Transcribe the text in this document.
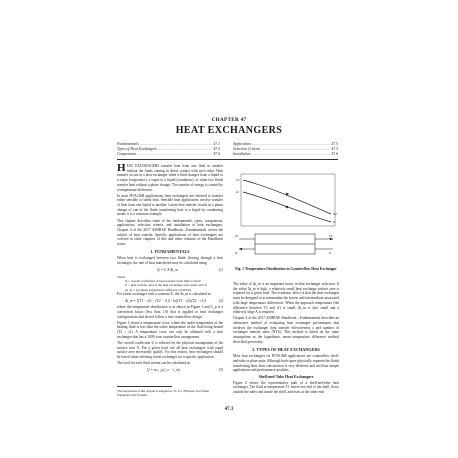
CHAPTER 47
HEAT EXCHANGERS
Fundamentals .....	47.1
Types of Heat Exchangers .....	47.3
Components .....	47.6
Application .....	47.5
Selection Criteria .....	47.5
Installation .....	47.6

HEAT EXCHANGERS transfer heat from one fluid to another without the fluids coming in direct contact with each other. Heat transfer occurs in a heat exchanger when a fluid changes from a liquid to a vapor (evaporator), a vapor to a liquid (condenser), or when two fluids transfer heat without a phase change. The transfer of energy is caused by a temperature difference.

In most HVAC&R applications, heat exchangers are selected to transfer either sensible or latent heat. Sensible heat applications involve transfer of heat from one liquid to another. Latent heat transfer results in a phase change of one of the fluids transferring heat to a liquid by condensing steam, it is a common example.

This chapter describes some of the fundamentals, types, components, applications, selection criteria, and installation of heat exchangers. Chapter 4 of the 2017 ASHRAE Handbook—Fundamentals covers the subject of heat transfer. Specific applications of heat exchangers are covered in other chapters of this and other volumes of the Handbook series.

1. FUNDAMENTALS

When heat is exchanged between two fluids flowing through a heat exchanger, the rate of heat transferred may be calculated using

Q = U A Δt_m	(1)
where
Q = overall coefficient of heat transfer from fluid to fluid
U = heat transfer area of the heat exchanger associated with U
Δt_m = log mean temperature difference (LMTD)

For a heat exchanger with a constant U, the Δt_m is calculated as

Δt_m = [(T1 − t2) − (T2 − t1)] / ln[(T1 − t2)/(T2 − t1)]	(2)

where the temperature distribution is as shown in Figure 1 and C_p is a convection factor (less than 1.0) that is applied to heat exchanger configurations that do not follow a true counterflow design.

Figure 1 shows a temperature cross, where the outlet temperature of the heating fluid is less than the outlet temperature of the fluid being heated (T2 < t2). A temperature cross can only be obtained with a heat exchanger that has a 100% true counterflow arrangement.

The overall coefficient U is affected by the physical arrangement of the surface area A. For a given load, not all heat exchangers with equal surface area necessarily qualify. For this reason, heat exchangers should be tested when selecting a heat exchanger for a specific application.

The load for each fluid stream can be calculated as

Q = m c_p (t_o − t_in)	(3)
The preparation of this chapter is assigned to TC 6.1, Hydronic and Steam Equipment and Systems.
T1
t2
T2
t1
T1	T2
t2	t1
Fig. 1 Temperature Distribution in Counterflow Heat Exchanger

The value of Δt_m is an important factor in heat exchanger selection. If the value Δt_m is high, a relatively small heat exchange surface area is required for a given load. The economic effect is that the heat exchanger must be designed to accommodate the lowest and intermediate associated with large temperature differences. When the approach temperature (the difference between T2 and t1) is small, Δt_m is also small and a relatively large A is required.

Chapter 4 of the 2017 ASHRAE Handbook—Fundamentals describes an alternative method of evaluating heat exchanger performance that involves the exchanger heat transfer effectiveness ε and number of exchanger transfer units (NTU). This method is based on the same assumptions as the logarithmic mean temperature difference method described previously.

2. TYPES OF HEAT EXCHANGERS

Most heat exchangers for HVAC&R applications are counterflow shell-and-tube or plate units. Although both types physically separate the fluids transferring heat, their construction is very different, and each has unique applications and performance qualities.

Shell-and-Tube Heat Exchangers

Figure 2 shows the representative path of a shell-and-tube heat exchanger. The fluid at temperature T1 enters one end of the shell, flows outside the tubes and inside the shell, and exits at the other end.

47.1
